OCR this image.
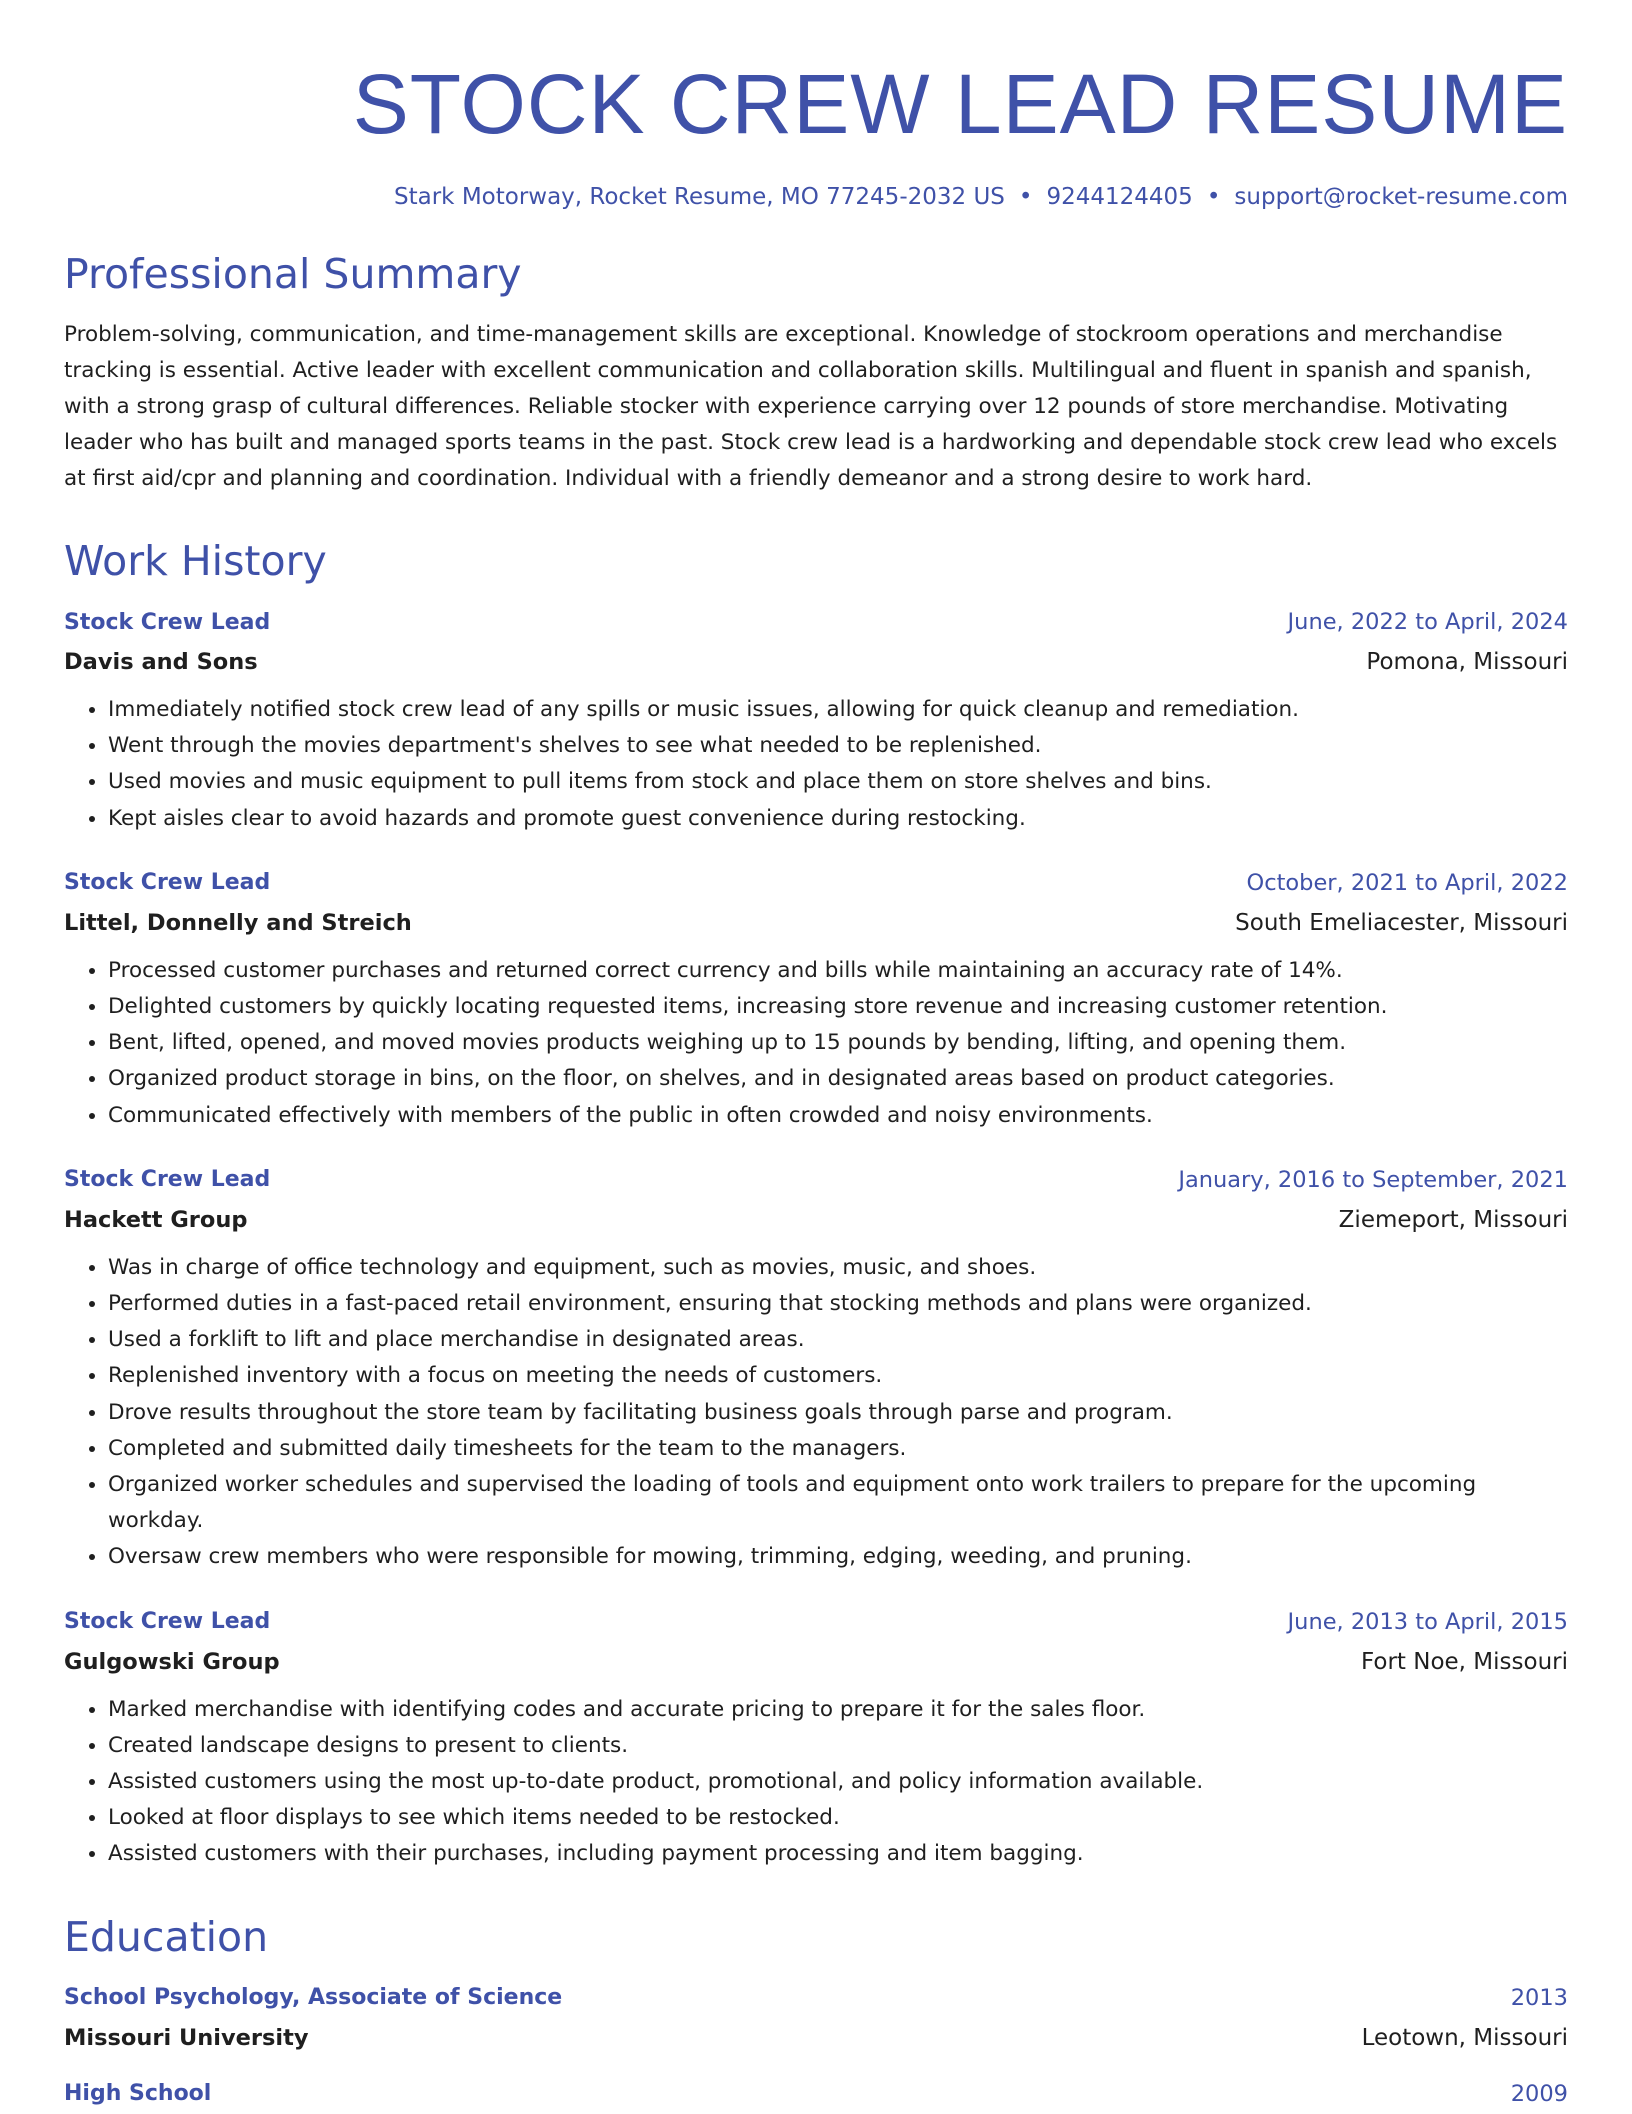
STOCK CREW LEAD RESUME
Stark Motorway, Rocket Resume, MO 77245-2032 US • 9244124405 • support@rocket-resume.com
Professional Summary
Problem-solving, communication, and time-management skills are exceptional. Knowledge of stockroom operations and merchandise tracking is essential. Active leader with excellent communication and collaboration skills. Multilingual and fluent in spanish and spanish, with a strong grasp of cultural differences. Reliable stocker with experience carrying over 12 pounds of store merchandise. Motivating leader who has built and managed sports teams in the past. Stock crew lead is a hardworking and dependable stock crew lead who excels at first aid/cpr and planning and coordination. Individual with a friendly demeanor and a strong desire to work hard.
Work History
Stock Crew Lead	June, 2022 to April, 2024
Davis and Sons	Pomona, Missouri
• Immediately notified stock crew lead of any spills or music issues, allowing for quick cleanup and remediation.
• Went through the movies department's shelves to see what needed to be replenished.
• Used movies and music equipment to pull items from stock and place them on store shelves and bins.
• Kept aisles clear to avoid hazards and promote guest convenience during restocking.
Stock Crew Lead	October, 2021 to April, 2022
Littel, Donnelly and Streich	South Emeliacester, Missouri
• Processed customer purchases and returned correct currency and bills while maintaining an accuracy rate of 14%.
• Delighted customers by quickly locating requested items, increasing store revenue and increasing customer retention.
• Bent, lifted, opened, and moved movies products weighing up to 15 pounds by bending, lifting, and opening them.
• Organized product storage in bins, on the floor, on shelves, and in designated areas based on product categories.
• Communicated effectively with members of the public in often crowded and noisy environments.
Stock Crew Lead	January, 2016 to September, 2021
Hackett Group	Ziemeport, Missouri
• Was in charge of office technology and equipment, such as movies, music, and shoes.
• Performed duties in a fast-paced retail environment, ensuring that stocking methods and plans were organized.
• Used a forklift to lift and place merchandise in designated areas.
• Replenished inventory with a focus on meeting the needs of customers.
• Drove results throughout the store team by facilitating business goals through parse and program.
• Completed and submitted daily timesheets for the team to the managers.
• Organized worker schedules and supervised the loading of tools and equipment onto work trailers to prepare for the upcoming workday.
• Oversaw crew members who were responsible for mowing, trimming, edging, weeding, and pruning.
Stock Crew Lead	June, 2013 to April, 2015
Gulgowski Group	Fort Noe, Missouri
• Marked merchandise with identifying codes and accurate pricing to prepare it for the sales floor.
• Created landscape designs to present to clients.
• Assisted customers using the most up-to-date product, promotional, and policy information available.
• Looked at floor displays to see which items needed to be restocked.
• Assisted customers with their purchases, including payment processing and item bagging.
Education
School Psychology, Associate of Science	2013
Missouri University	Leotown, Missouri
High School	2009
